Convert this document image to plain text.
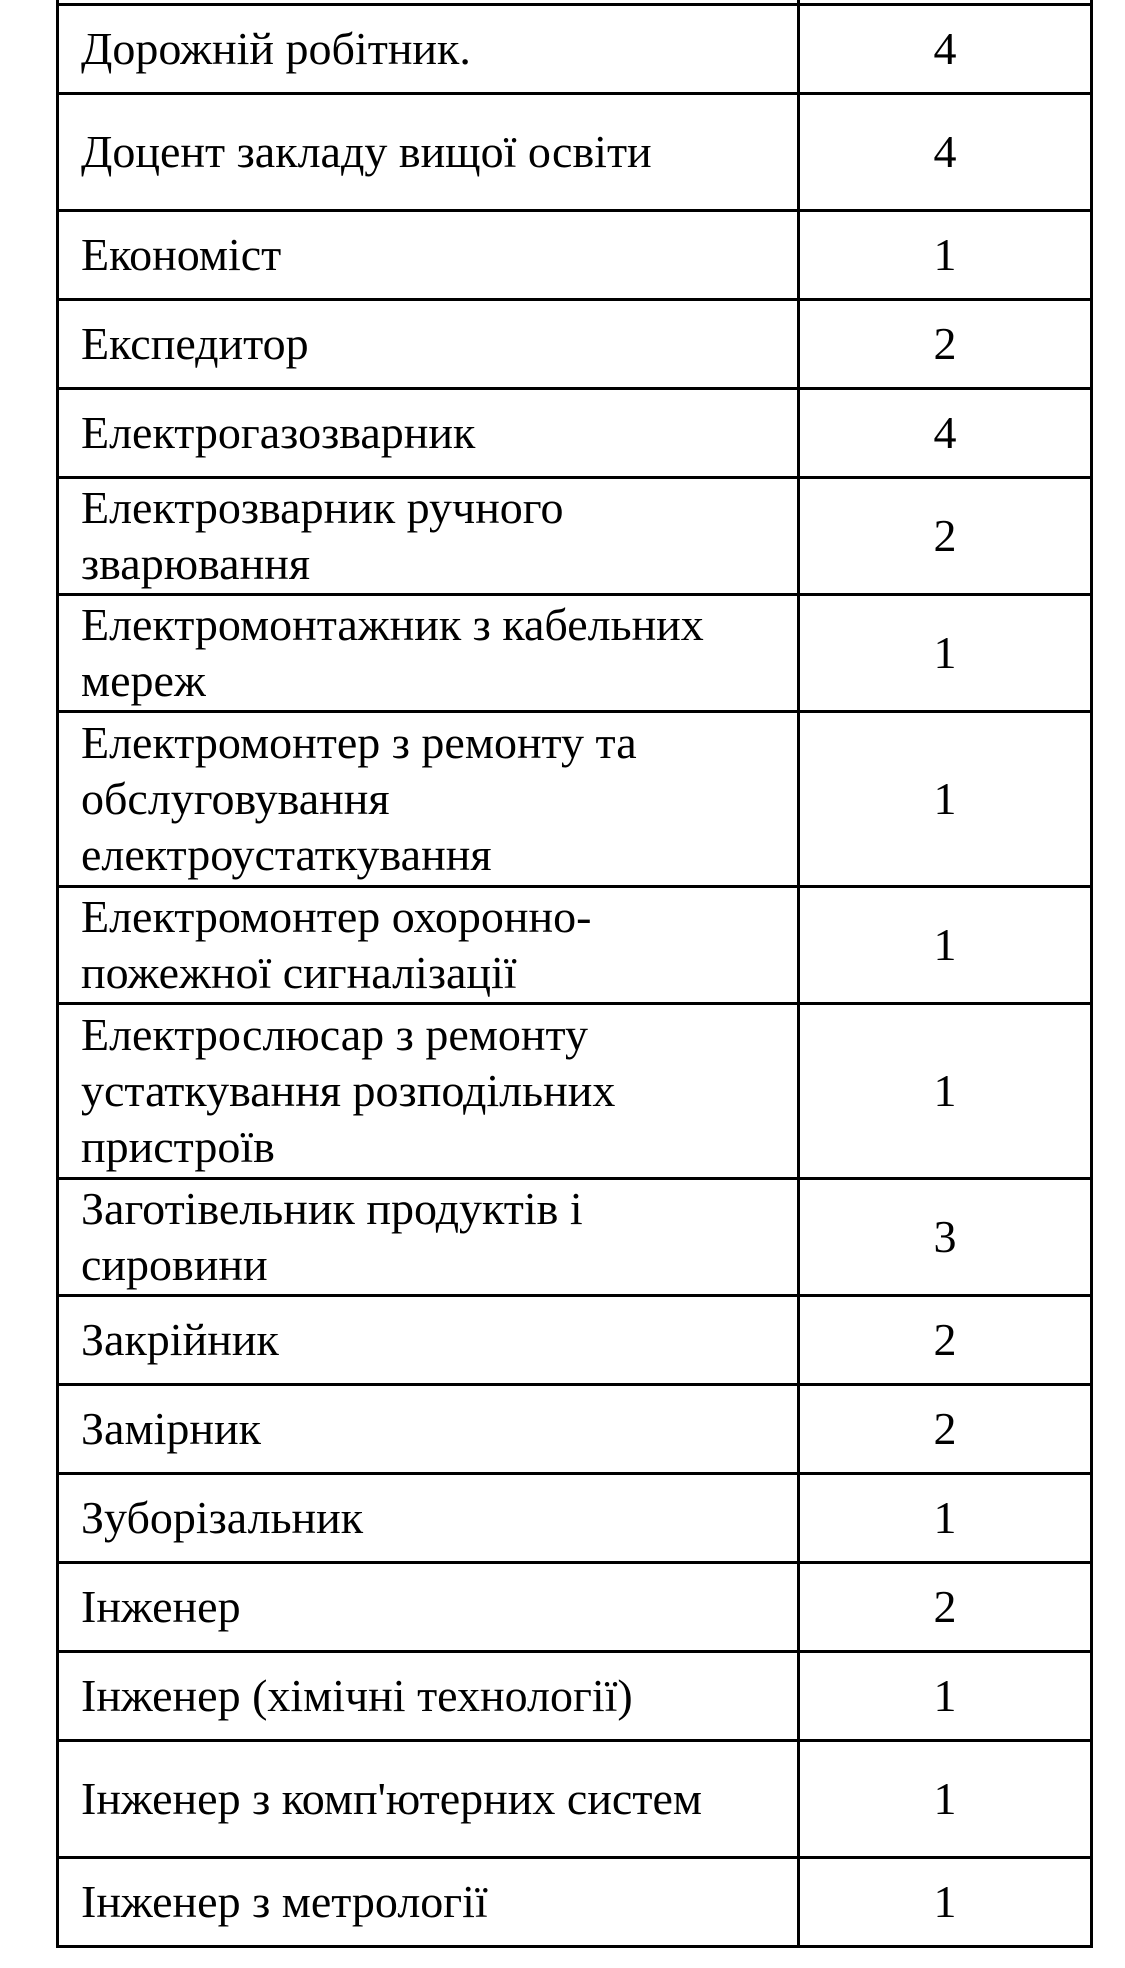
Дорожній робітник.	4
Доцент закладу вищої освіти	4
Економіст	1
Експедитор	2
Електрогазозварник	4
Електрозварник ручного зварювання	2
Електромонтажник з кабельних мереж	1
Електромонтер з ремонту та обслуговування електроустаткування	1
Електромонтер охоронно-пожежної сигналізації	1
Електрослюсар з ремонту устаткування розподільних пристроїв	1
Заготівельник продуктів і сировини	3
Закрійник	2
Замірник	2
Зуборізальник	1
Інженер	2
Інженер (хімічні технології)	1
Інженер з комп'ютерних систем	1
Інженер з метрології	1
